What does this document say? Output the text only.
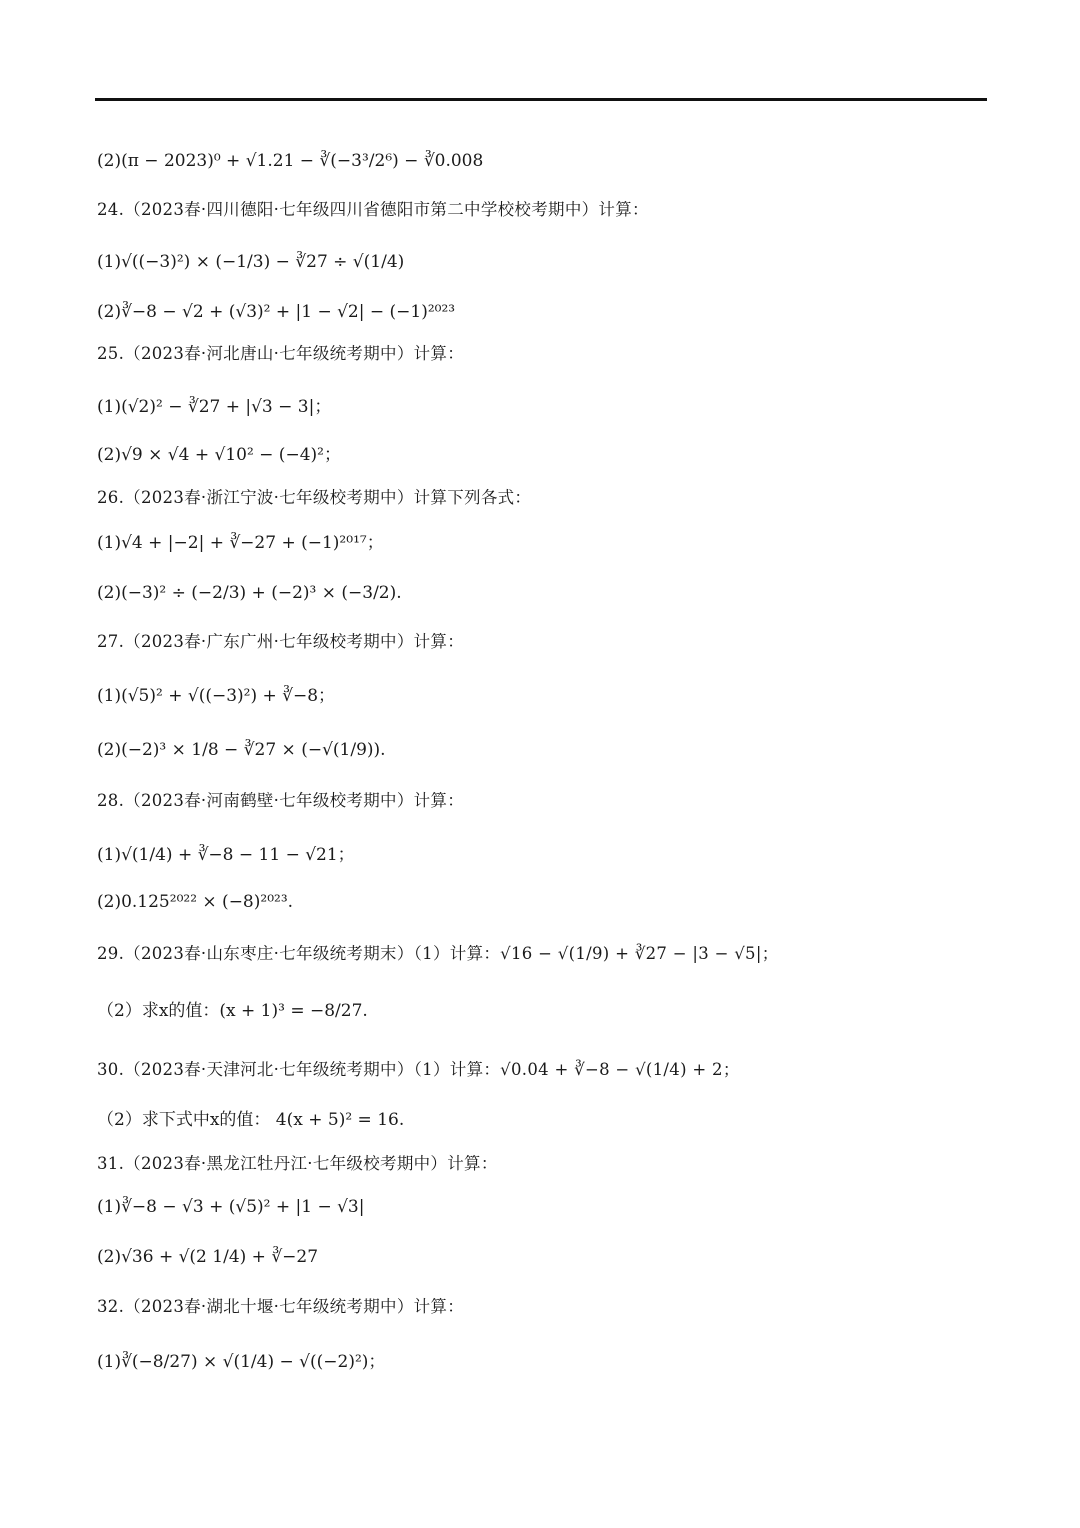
(2)(π − 2023)⁰ + √1.21 − ∛(−3³/2⁶) − ∛0.008
24.（2023春·四川德阳·七年级四川省德阳市第二中学校校考期中）计算：
(1)√((−3)²) × (−1/3) − ∛27 ÷ √(1/4)
(2)∛−8 − √2 + (√3)² + |1 − √2| − (−1)²⁰²³
25.（2023春·河北唐山·七年级统考期中）计算：
(1)(√2)² − ∛27 + |√3 − 3|；
(2)√9 × √4 + √10² − (−4)²；
26.（2023春·浙江宁波·七年级校考期中）计算下列各式：
(1)√4 + |−2| + ∛−27 + (−1)²⁰¹⁷；
(2)(−3)² ÷ (−2/3) + (−2)³ × (−3/2).
27.（2023春·广东广州·七年级校考期中）计算：
(1)(√5)² + √((−3)²) + ∛−8；
(2)(−2)³ × 1/8 − ∛27 × (−√(1/9)).
28.（2023春·河南鹤壁·七年级校考期中）计算：
(1)√(1/4) + ∛−8 − 11 − √21；
(2)0.125²⁰²² × (−8)²⁰²³.
29.（2023春·山东枣庄·七年级统考期末）（1）计算：√16 − √(1/9) + ∛27 − |3 − √5|；
（2）求x的值：(x + 1)³ = −8/27.
30.（2023春·天津河北·七年级统考期中）（1）计算：√0.04 + ∛−8 − √(1/4) + 2；
（2）求下式中x的值： 4(x + 5)² = 16.
31.（2023春·黑龙江牡丹江·七年级校考期中）计算：
(1)∛−8 − √3 + (√5)² + |1 − √3|
(2)√36 + √(2 1/4) + ∛−27
32.（2023春·湖北十堰·七年级统考期中）计算：
(1)∛(−8/27) × √(1/4) − √((−2)²)；
